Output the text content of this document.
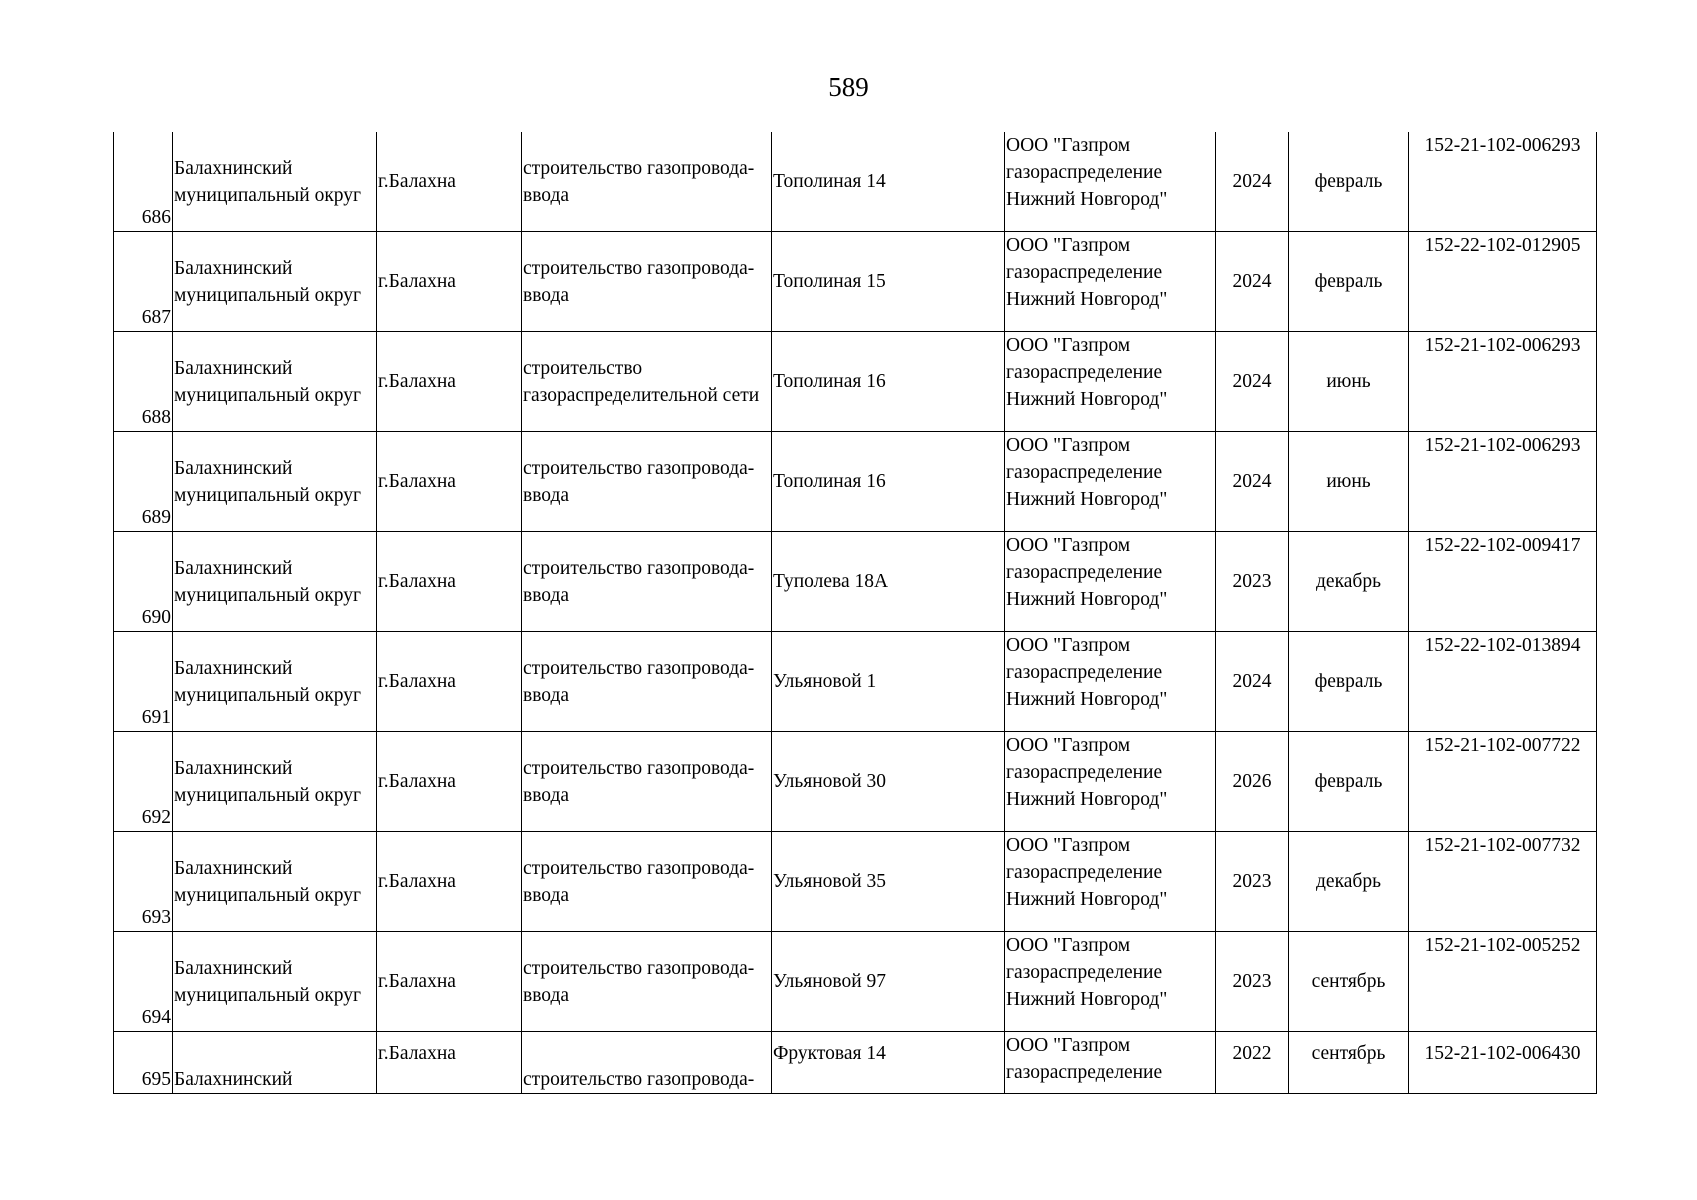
589
686	Балахнинский
муниципальный округ	г.Балахна	строительство газопровода-
ввода	Тополиная 14	ООО "Газпром
газораспределение
Нижний Новгород"	2024	февраль	152-21-102-006293
687	Балахнинский
муниципальный округ	г.Балахна	строительство газопровода-
ввода	Тополиная 15	ООО "Газпром
газораспределение
Нижний Новгород"	2024	февраль	152-22-102-012905
688	Балахнинский
муниципальный округ	г.Балахна	строительство
газораспределительной сети	Тополиная 16	ООО "Газпром
газораспределение
Нижний Новгород"	2024	июнь	152-21-102-006293
689	Балахнинский
муниципальный округ	г.Балахна	строительство газопровода-
ввода	Тополиная 16	ООО "Газпром
газораспределение
Нижний Новгород"	2024	июнь	152-21-102-006293
690	Балахнинский
муниципальный округ	г.Балахна	строительство газопровода-
ввода	Туполева 18А	ООО "Газпром
газораспределение
Нижний Новгород"	2023	декабрь	152-22-102-009417
691	Балахнинский
муниципальный округ	г.Балахна	строительство газопровода-
ввода	Ульяновой 1	ООО "Газпром
газораспределение
Нижний Новгород"	2024	февраль	152-22-102-013894
692	Балахнинский
муниципальный округ	г.Балахна	строительство газопровода-
ввода	Ульяновой 30	ООО "Газпром
газораспределение
Нижний Новгород"	2026	февраль	152-21-102-007722
693	Балахнинский
муниципальный округ	г.Балахна	строительство газопровода-
ввода	Ульяновой 35	ООО "Газпром
газораспределение
Нижний Новгород"	2023	декабрь	152-21-102-007732
694	Балахнинский
муниципальный округ	г.Балахна	строительство газопровода-
ввода	Ульяновой 97	ООО "Газпром
газораспределение
Нижний Новгород"	2023	сентябрь	152-21-102-005252
695	Балахнинский	г.Балахна	строительство газопровода-	Фруктовая 14	ООО "Газпром
газораспределение	2022	сентябрь	152-21-102-006430
